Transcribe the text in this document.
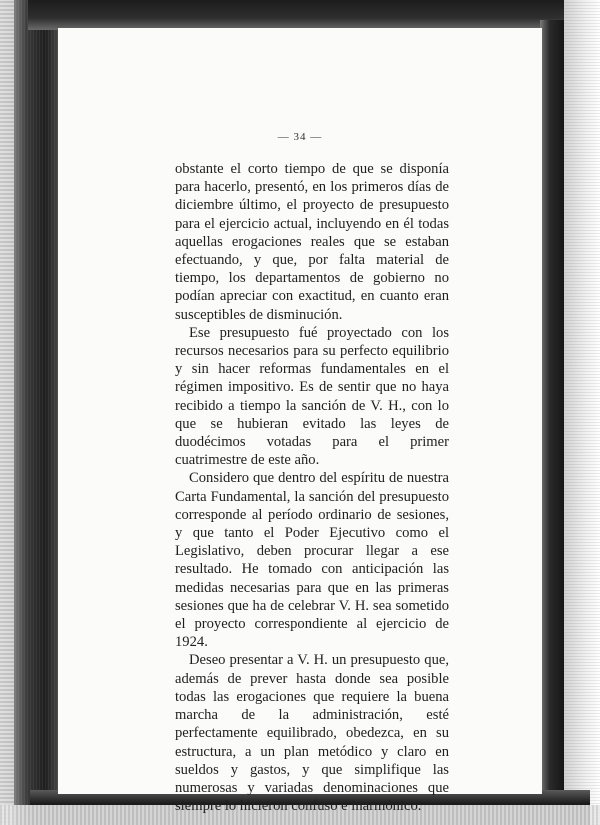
— 34 —

obstante el corto tiempo de que se disponía para hacerlo, presentó, en los primeros días de diciembre último, el proyecto de presupuesto para el ejercicio actual, incluyendo en él todas aquellas erogaciones reales que se estaban efectuando, y que, por falta material de tiempo, los departamentos de gobierno no podían apreciar con exactitud, en cuanto eran susceptibles de disminución.

Ese presupuesto fué proyectado con los recursos necesarios para su perfecto equilibrio y sin hacer reformas fundamentales en el régimen impositivo. Es de sentir que no haya recibido a tiempo la sanción de V. H., con lo que se hubieran evitado las leyes de duodécimos votadas para el primer cuatrimestre de este año.

Considero que dentro del espíritu de nuestra Carta Fundamental, la sanción del presupuesto corresponde al período ordinario de sesiones, y que tanto el Poder Ejecutivo como el Legislativo, deben procurar llegar a ese resultado. He tomado con anticipación las medidas necesarias para que en las primeras sesiones que ha de celebrar V. H. sea sometido el proyecto correspondiente al ejercicio de 1924.

Deseo presentar a V. H. un presupuesto que, además de prever hasta donde sea posible todas las erogaciones que requiere la buena marcha de la administración, esté perfectamente equilibrado, obedezca, en su estructura, a un plan metódico y claro en sueldos y gastos, y que simplifique las numerosas y variadas denominaciones que siempre lo hicieron confuso e inarmónico.
